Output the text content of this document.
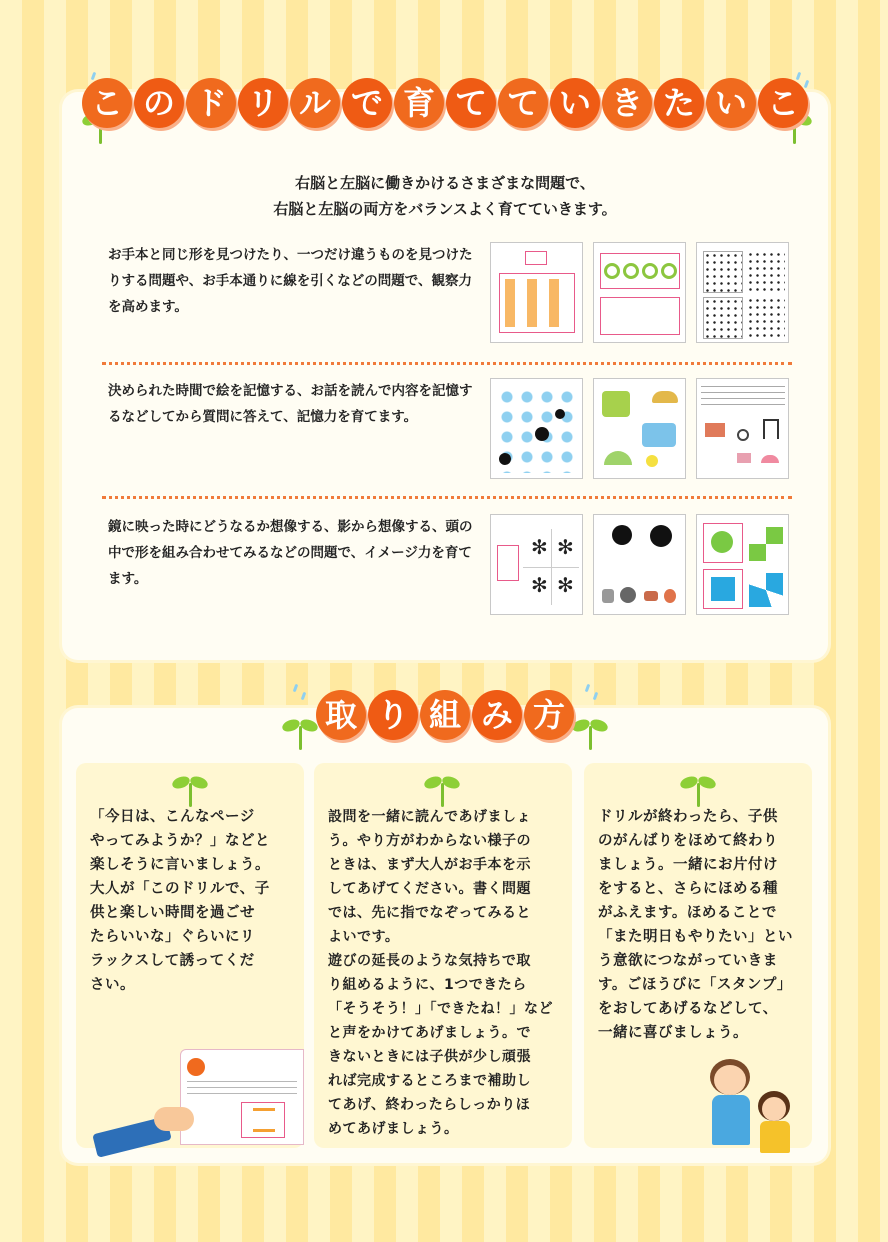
こ の ド リ ル で 育 て て い き た い こ
右脳と左脳に働きかけるさまざまな問題で、
右脳と左脳の両方をバランスよく育てていきます。
お手本と同じ形を見つけたり、一つだけ違うものを見つけたりする問題や、お手本通りに線を引くなどの問題で、観察力を高めます。
決められた時間で絵を記憶する、お話を読んで内容を記憶するなどしてから質問に答えて、記憶力を育てます。
鏡に映った時にどうなるか想像する、影から想像する、頭の中で形を組み合わせてみるなどの問題で、イメージ力を育てます。
✻ ✻
✻ ✻
取 り 組 み 方
「今日は、こんなページ
やってみようか？」などと
楽しそうに言いましょう。
大人が「このドリルで、子
供と楽しい時間を過ごせ
たらいいな」ぐらいにリ
ラックスして誘ってくだ
さい。
設問を一緒に読んであげましょ
う。やり方がわからない様子の
ときは、まず大人がお手本を示
してあげてください。書く問題
では、先に指でなぞってみると
よいです。
遊びの延長のような気持ちで取
り組めるように、1つできたら
「そうそう！」「できたね！」など
と声をかけてあげましょう。で
きないときには子供が少し頑張
れば完成するところまで補助し
てあげ、終わったらしっかりほ
めてあげましょう。
ドリルが終わったら、子供
のがんばりをほめて終わり
ましょう。一緒にお片付け
をすると、さらにほめる種
がふえます。ほめることで
「また明日もやりたい」とい
う意欲につながっていきま
す。ごほうびに「スタンプ」
をおしてあげるなどして、
一緒に喜びましょう。
